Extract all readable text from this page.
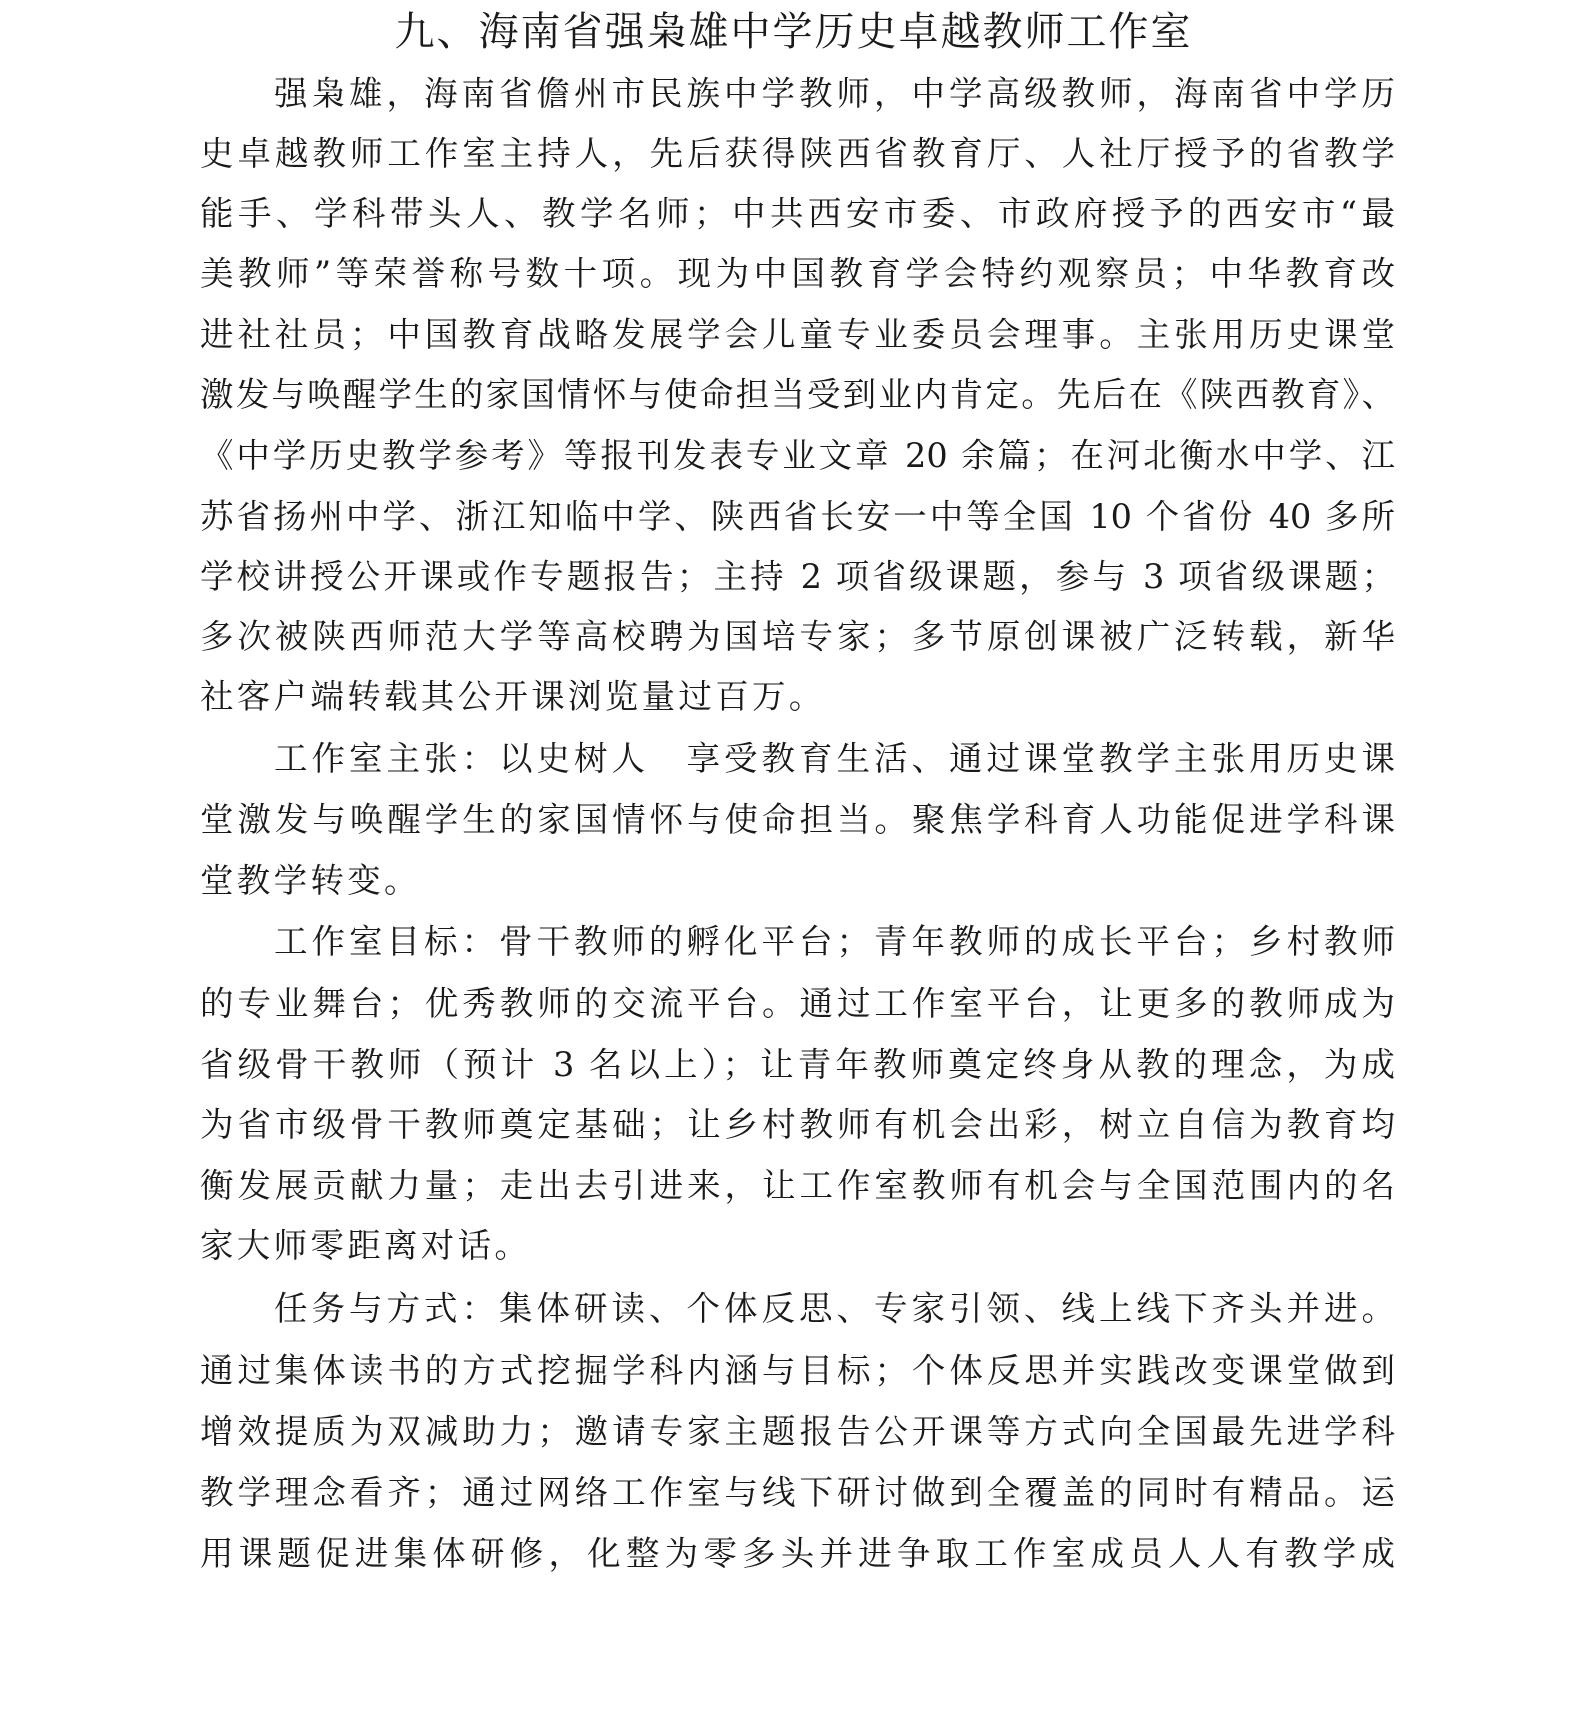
九、海南省强枭雄中学历史卓越教师工作室

强枭雄，海南省儋州市民族中学教师，中学高级教师，海南省中学历

史卓越教师工作室主持人，先后获得陕西省教育厅、人社厅授予的省教学

能手、学科带头人、教学名师；中共西安市委、市政府授予的西安市“最

美教师”等荣誉称号数十项。现为中国教育学会特约观察员；中华教育改

进社社员；中国教育战略发展学会儿童专业委员会理事。主张用历史课堂

激发与唤醒学生的家国情怀与使命担当受到业内肯定。先后在《陕西教育》、

《中学历史教学参考》等报刊发表专业文章 20 余篇；在河北衡水中学、江

苏省扬州中学、浙江知临中学、陕西省长安一中等全国 10 个省份 40 多所

学校讲授公开课或作专题报告；主持 2 项省级课题，参与 3 项省级课题；

多次被陕西师范大学等高校聘为国培专家；多节原创课被广泛转载，新华

社客户端转载其公开课浏览量过百万。

工作室主张：以史树人　享受教育生活、通过课堂教学主张用历史课

堂激发与唤醒学生的家国情怀与使命担当。聚焦学科育人功能促进学科课

堂教学转变。

工作室目标：骨干教师的孵化平台；青年教师的成长平台；乡村教师

的专业舞台；优秀教师的交流平台。通过工作室平台，让更多的教师成为

省级骨干教师（预计 3 名以上）；让青年教师奠定终身从教的理念，为成

为省市级骨干教师奠定基础；让乡村教师有机会出彩，树立自信为教育均

衡发展贡献力量；走出去引进来，让工作室教师有机会与全国范围内的名

家大师零距离对话。

任务与方式：集体研读、个体反思、专家引领、线上线下齐头并进。

通过集体读书的方式挖掘学科内涵与目标；个体反思并实践改变课堂做到

增效提质为双减助力；邀请专家主题报告公开课等方式向全国最先进学科

教学理念看齐；通过网络工作室与线下研讨做到全覆盖的同时有精品。运

用课题促进集体研修，化整为零多头并进争取工作室成员人人有教学成
